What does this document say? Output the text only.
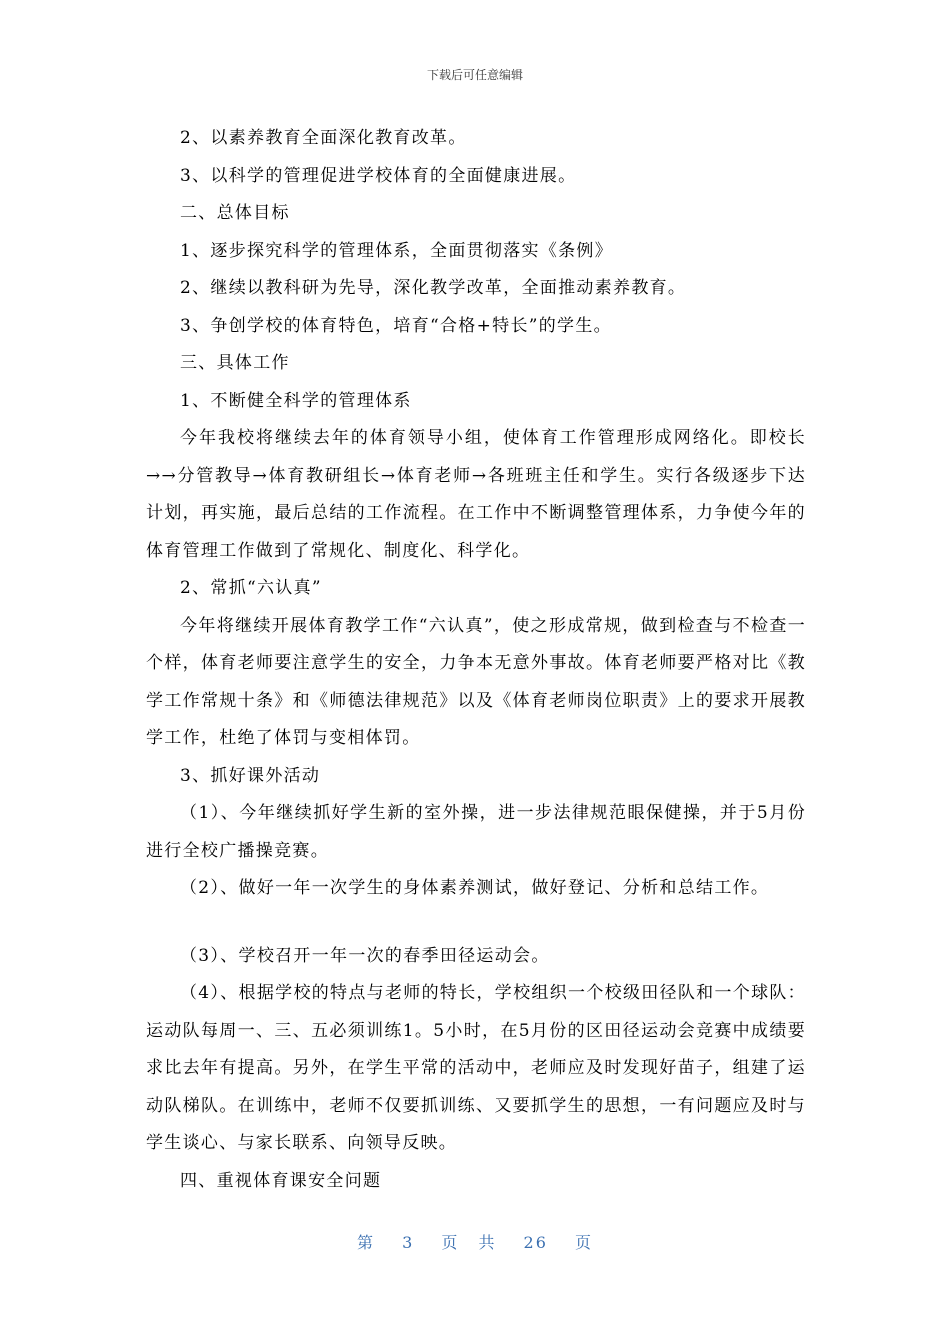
下载后可任意编辑

2、以素养教育全面深化教育改革。

3、以科学的管理促进学校体育的全面健康进展。

二、总体目标

1、逐步探究科学的管理体系，全面贯彻落实《条例》

2、继续以教科研为先导，深化教学改革，全面推动素养教育。

3、争创学校的体育特色，培育“合格+特长”的学生。

三、具体工作

1、不断健全科学的管理体系

今年我校将继续去年的体育领导小组，使体育工作管理形成网络化。即校长→→分管教导→体育教研组长→体育老师→各班班主任和学生。实行各级逐步下达计划，再实施，最后总结的工作流程。在工作中不断调整管理体系，力争使今年的体育管理工作做到了常规化、制度化、科学化。

2、常抓“六认真”

今年将继续开展体育教学工作“六认真”，使之形成常规，做到检查与不检查一个样，体育老师要注意学生的安全，力争本无意外事故。体育老师要严格对比《教学工作常规十条》和《师德法律规范》以及《体育老师岗位职责》上的要求开展教学工作，杜绝了体罚与变相体罚。

3、抓好课外活动

（1）、今年继续抓好学生新的室外操，进一步法律规范眼保健操，并于5月份进行全校广播操竞赛。

（2）、做好一年一次学生的身体素养测试，做好登记、分析和总结工作。

（3）、学校召开一年一次的春季田径运动会。

（4）、根据学校的特点与老师的特长，学校组织一个校级田径队和一个球队：运动队每周一、三、五必须训练1。5小时，在5月份的区田径运动会竞赛中成绩要求比去年有提高。另外，在学生平常的活动中，老师应及时发现好苗子，组建了运动队梯队。在训练中，老师不仅要抓训练、又要抓学生的思想，一有问题应及时与学生谈心、与家长联系、向领导反映。

四、重视体育课安全问题

第 3 页 共 26 页
